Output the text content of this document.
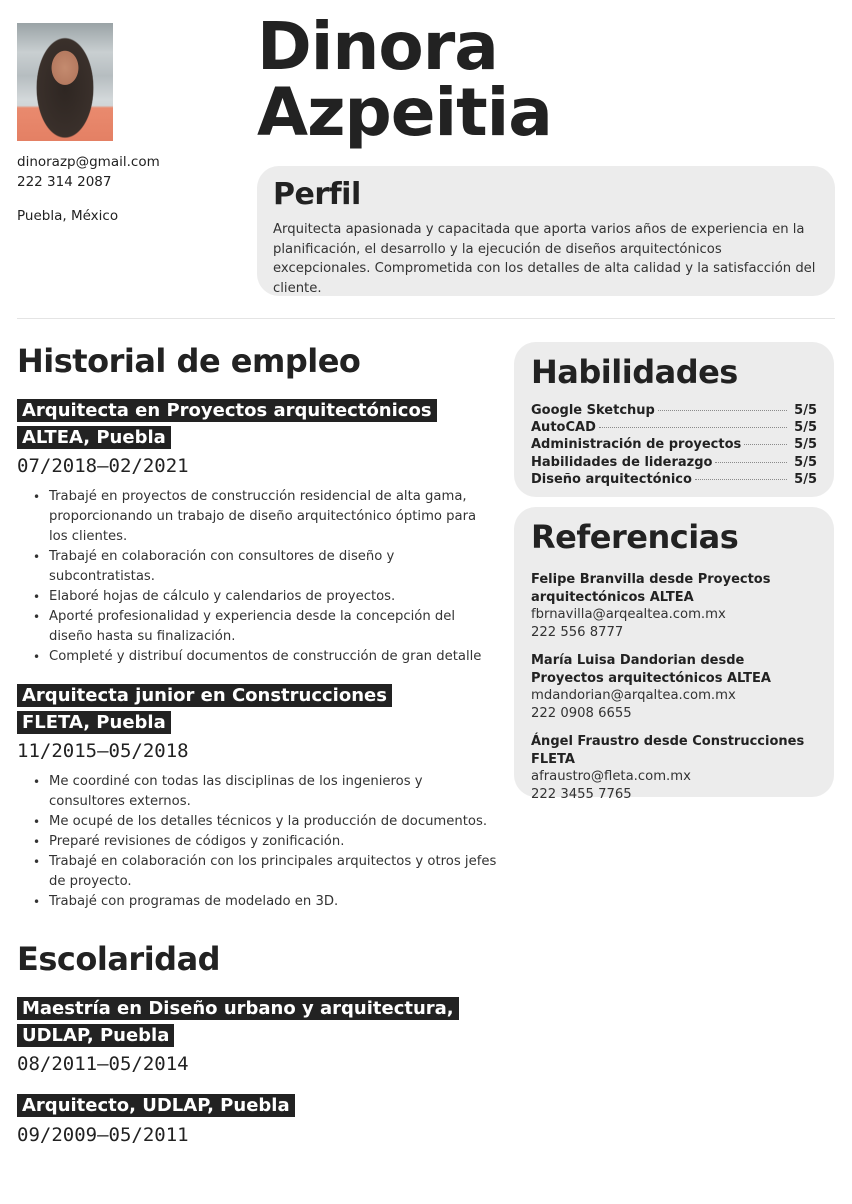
dinorazp@gmail.com
222 314 2087
Puebla, México
Dinora
Azpeitia
Perfil

Arquitecta apasionada y capacitada que aporta varios años de experiencia en la planificación, el desarrollo y la ejecución de diseños arquitectónicos excepcionales. Comprometida con los detalles de alta calidad y la satisfacción del cliente.

Historial de empleo
Arquitecta en Proyectos arquitectónicos ALTEA, Puebla
07/2018—02/2021
• Trabajé en proyectos de construcción residencial de alta gama, proporcionando un trabajo de diseño arquitectónico óptimo para los clientes.
• Trabajé en colaboración con consultores de diseño y subcontratistas.
• Elaboré hojas de cálculo y calendarios de proyectos.
• Aporté profesionalidad y experiencia desde la concepción del diseño hasta su finalización.
• Completé y distribuí documentos de construcción de gran detalle
Arquitecta junior en Construcciones FLETA, Puebla
11/2015—05/2018
• Me coordiné con todas las disciplinas de los ingenieros y consultores externos.
• Me ocupé de los detalles técnicos y la producción de documentos.
• Preparé revisiones de códigos y zonificación.
• Trabajé en colaboración con los principales arquitectos y otros jefes de proyecto.
• Trabajé con programas de modelado en 3D.
Escolaridad
Maestría en Diseño urbano y arquitectura, UDLAP, Puebla
08/2011—05/2014
Arquitecto, UDLAP, Puebla
09/2009—05/2011
Habilidades
Google Sketchup	5/5
AutoCAD	5/5
Administración de proyectos	5/5
Habilidades de liderazgo	5/5
Diseño arquitectónico	5/5
Referencias
Felipe Branvilla desde Proyectos arquitectónicos ALTEA
fbrnavilla@arqealtea.com.mx
222 556 8777
María Luisa Dandorian desde Proyectos arquitectónicos ALTEA
mdandorian@arqaltea.com.mx
222 0908 6655
Ángel Fraustro desde Construcciones FLETA
afraustro@fleta.com.mx
222 3455 7765
